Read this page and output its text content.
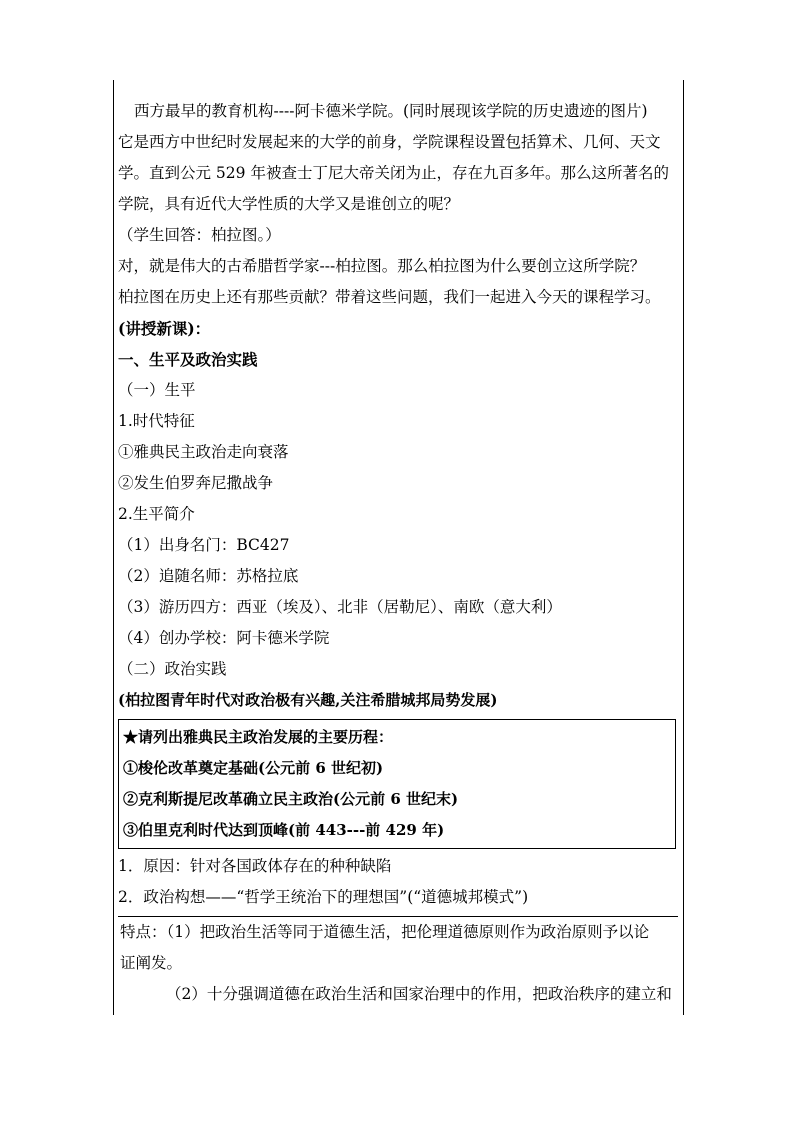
西方最早的教育机构----阿卡德米学院。(同时展现该学院的历史遗迹的图片)

它是西方中世纪时发展起来的大学的前身，学院课程设置包括算术、几何、天文

学。直到公元 529 年被查士丁尼大帝关闭为止，存在九百多年。那么这所著名的

学院，具有近代大学性质的大学又是谁创立的呢？

（学生回答：柏拉图。）

对，就是伟大的古希腊哲学家---柏拉图。那么柏拉图为什么要创立这所学院？

柏拉图在历史上还有那些贡献？带着这些问题，我们一起进入今天的课程学习。

(讲授新课)：

一、生平及政治实践

（一）生平

1.时代特征

①雅典民主政治走向衰落

②发生伯罗奔尼撒战争

2.生平简介

（1）出身名门：BC427

（2）追随名师：苏格拉底

（3）游历四方：西亚（埃及）、北非（居勒尼）、南欧（意大利）

（4）创办学校：阿卡德米学院

（二）政治实践

(柏拉图青年时代对政治极有兴趣,关注希腊城邦局势发展)

★请列出雅典民主政治发展的主要历程：

①梭伦改革奠定基础(公元前 6 世纪初)

②克利斯提尼改革确立民主政治(公元前 6 世纪末)

③伯里克利时代达到顶峰(前 443---前 429 年)

1．原因：针对各国政体存在的种种缺陷

2．政治构想——“哲学王统治下的理想国”(“道德城邦模式”)

特点：（1）把政治生活等同于道德生活，把伦理道德原则作为政治原则予以论

证阐发。

（2）十分强调道德在政治生活和国家治理中的作用，把政治秩序的建立和
